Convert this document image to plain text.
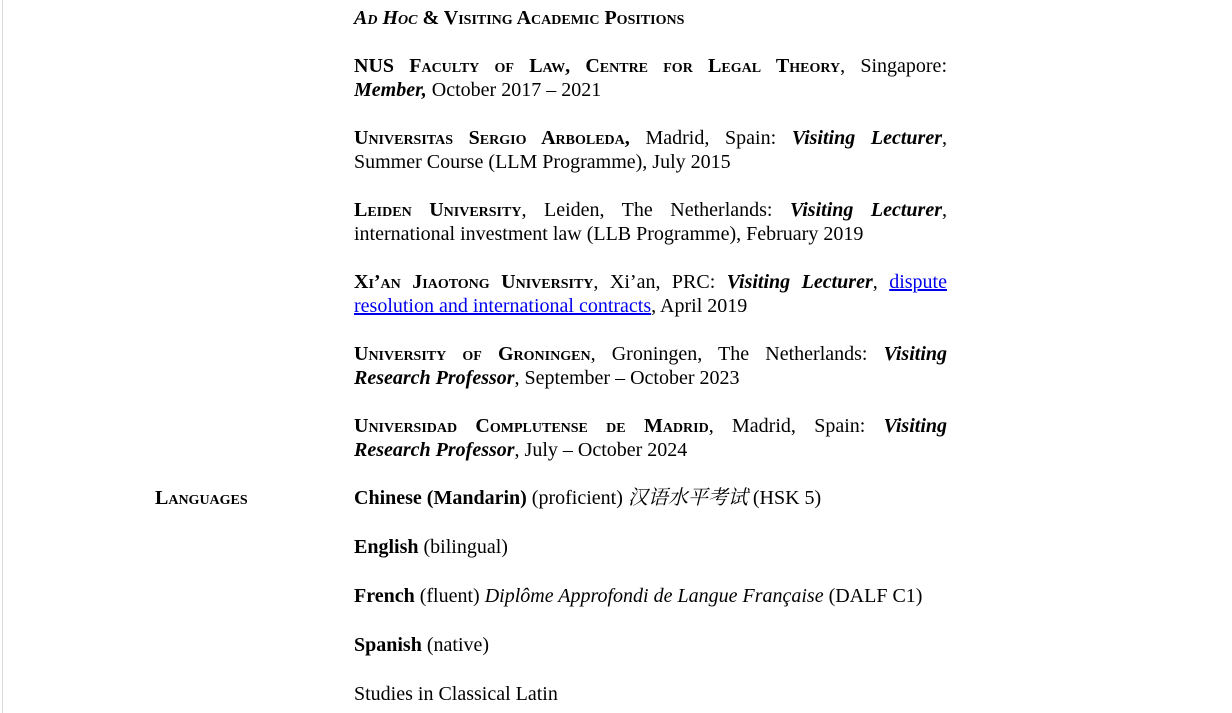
Languages

Ad Hoc & Visiting Academic Positions

NUS Faculty of Law, Centre for Legal Theory, Singapore:
Member, October 2017 – 2021
Universitas Sergio Arboleda, Madrid, Spain: Visiting Lecturer,
Summer Course (LLM Programme), July 2015
Leiden University, Leiden, The Netherlands: Visiting Lecturer,
international investment law (LLB Programme), February 2019
Xi’an Jiaotong University, Xi’an, PRC: Visiting Lecturer, dispute
resolution and international contracts, April 2019
University of Groningen, Groningen, The Netherlands: Visiting
Research Professor, September – October 2023
Universidad Complutense de Madrid, Madrid, Spain: Visiting
Research Professor, July – October 2024
Chinese (Mandarin) (proficient) 汉语水平考试 (HSK 5)
English (bilingual)
French (fluent) Diplôme Approfondi de Langue Française (DALF C1)
Spanish (native)
Studies in Classical Latin
